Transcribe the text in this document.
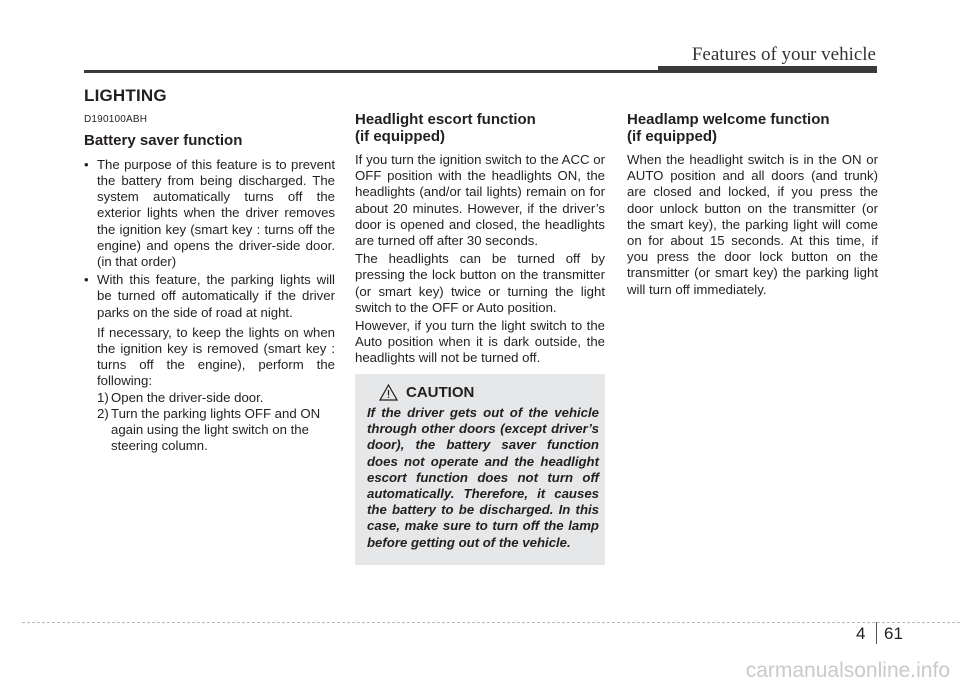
Features of your vehicle
LIGHTING
D190100ABH
Battery saver function
• The purpose of this feature is to prevent the battery from being discharged. The system automatically turns off the exterior lights when the driver removes the ignition key (smart key : turns off the engine) and opens the driver-side door. (in that order)
• With this feature, the parking lights will be turned off automatically if the driver parks on the side of road at night.
If necessary, to keep the lights on when the ignition key is removed (smart key : turns off the engine), perform the following:
1) Open the driver-side door.
2) Turn the parking lights OFF and ON again using the light switch on the steering column.
Headlight escort function
(if equipped)

If you turn the ignition switch to the ACC or OFF position with the headlights ON, the headlights (and/or tail lights) remain on for about 20 minutes. However, if the driver’s door is opened and closed, the headlights are turned off after 30 seconds.

The headlights can be turned off by pressing the lock button on the transmitter (or smart key) twice or turning the light switch to the OFF or Auto position.

However, if you turn the light switch to the Auto position when it is dark outside, the headlights will not be turned off.

CAUTION
If the driver gets out of the vehicle through other doors (except driver’s door), the battery saver function does not operate and the headlight escort function does not turn off automatically. Therefore, it causes the battery to be discharged. In this case, make sure to turn off the lamp before getting out of the vehicle.
Headlamp welcome function
(if equipped)

When the headlight switch is in the ON or AUTO position and all doors (and trunk) are closed and locked, if you press the door unlock button on the transmitter (or the smart key), the parking light will come on for about 15 seconds. At this time, if you press the door lock button on the transmitter (or smart key) the parking light will turn off immediately.

4 61
carmanualsonline.info
